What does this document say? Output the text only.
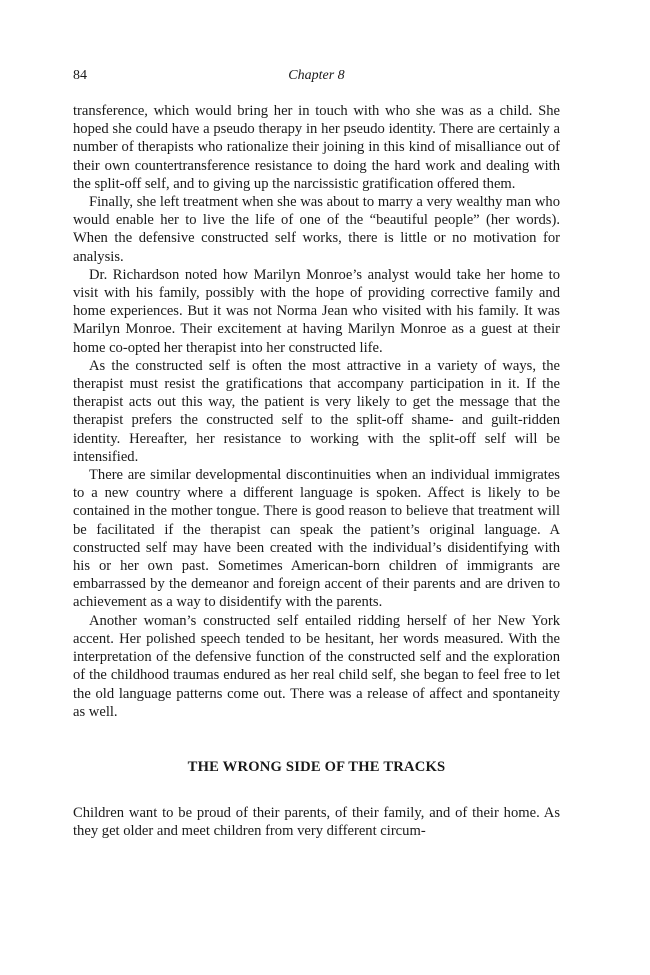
84	Chapter 8

transference, which would bring her in touch with who she was as a child. She hoped she could have a pseudo therapy in her pseudo identity. There are certainly a number of therapists who rationalize their joining in this kind of misalliance out of their own countertransference resistance to doing the hard work and dealing with the split-off self, and to giving up the narcissistic gratification offered them.

Finally, she left treatment when she was about to marry a very wealthy man who would enable her to live the life of one of the “beautiful people” (her words). When the defensive constructed self works, there is little or no motivation for analysis.

Dr. Richardson noted how Marilyn Monroe’s analyst would take her home to visit with his family, possibly with the hope of providing corrective family and home experiences. But it was not Norma Jean who visited with his family. It was Marilyn Monroe. Their excitement at having Marilyn Monroe as a guest at their home co-opted her therapist into her constructed life.

As the constructed self is often the most attractive in a variety of ways, the therapist must resist the gratifications that accompany participation in it. If the therapist acts out this way, the patient is very likely to get the message that the therapist prefers the constructed self to the split-off shame- and guilt-ridden identity. Hereafter, her resistance to working with the split-off self will be intensified.

There are similar developmental discontinuities when an individual immigrates to a new country where a different language is spoken. Affect is likely to be contained in the mother tongue. There is good reason to believe that treatment will be facilitated if the therapist can speak the patient’s original language. A constructed self may have been created with the individual’s disidentifying with his or her own past. Sometimes American-born children of immigrants are embarrassed by the demeanor and foreign accent of their parents and are driven to achievement as a way to disidentify with the parents.

Another woman’s constructed self entailed ridding herself of her New York accent. Her polished speech tended to be hesitant, her words measured. With the interpretation of the defensive function of the constructed self and the exploration of the childhood traumas endured as her real child self, she began to feel free to let the old language patterns come out. There was a release of affect and spontaneity as well.

THE WRONG SIDE OF THE TRACKS

Children want to be proud of their parents, of their family, and of their home. As they get older and meet children from very different circum-
